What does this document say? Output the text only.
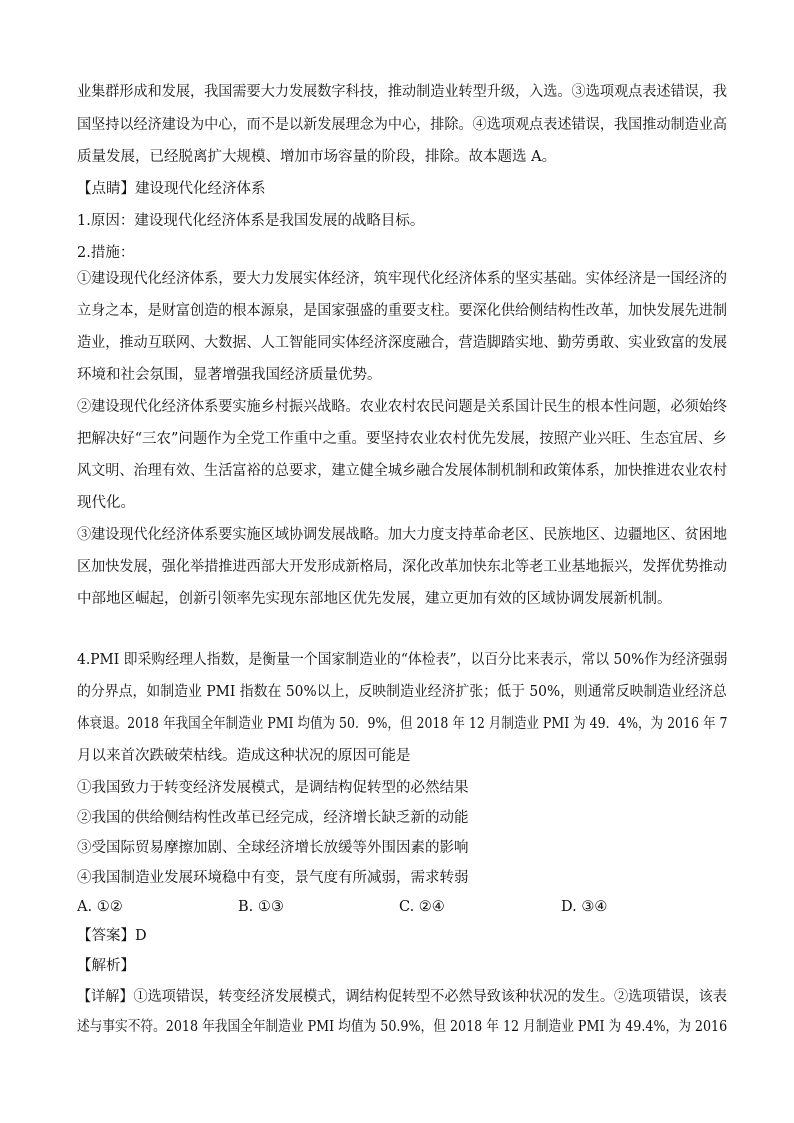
业集群形成和发展，我国需要大力发展数字科技，推动制造业转型升级，入选。③选项观点表述错误，我
国坚持以经济建设为中心，而不是以新发展理念为中心，排除。④选项观点表述错误，我国推动制造业高
质量发展，已经脱离扩大规模、增加市场容量的阶段，排除。故本题选 A。
【点睛】建设现代化经济体系
1.原因：建设现代化经济体系是我国发展的战略目标。
2.措施：
①建设现代化经济体系，要大力发展实体经济，筑牢现代化经济体系的坚实基础。实体经济是一国经济的
立身之本，是财富创造的根本源泉，是国家强盛的重要支柱。要深化供给侧结构性改革，加快发展先进制
造业，推动互联网、大数据、人工智能同实体经济深度融合，营造脚踏实地、勤劳勇敢、实业致富的发展
环境和社会氛围，显著增强我国经济质量优势。
②建设现代化经济体系要实施乡村振兴战略。农业农村农民问题是关系国计民生的根本性问题，必须始终
把解决好“三农”问题作为全党工作重中之重。要坚持农业农村优先发展，按照产业兴旺、生态宜居、乡
风文明、治理有效、生活富裕的总要求，建立健全城乡融合发展体制机制和政策体系，加快推进农业农村
现代化。
③建设现代化经济体系要实施区域协调发展战略。加大力度支持革命老区、民族地区、边疆地区、贫困地
区加快发展，强化举措推进西部大开发形成新格局，深化改革加快东北等老工业基地振兴，发挥优势推动
中部地区崛起，创新引领率先实现东部地区优先发展，建立更加有效的区域协调发展新机制。
4.PMI 即采购经理人指数，是衡量一个国家制造业的“体检表”，以百分比来表示，常以 50%作为经济强弱
的分界点，如制造业 PMI 指数在 50%以上，反映制造业经济扩张；低于 50%，则通常反映制造业经济总
体衰退。2018 年我国全年制造业 PMI 均值为 50．9%，但 2018 年 12 月制造业 PMI 为 49．4%，为 2016 年 7
月以来首次跌破荣枯线。造成这种状况的原因可能是
①我国致力于转变经济发展模式，是调结构促转型的必然结果
②我国的供给侧结构性改革已经完成，经济增长缺乏新的动能
③受国际贸易摩擦加剧、全球经济增长放缓等外围因素的影响
④我国制造业发展环境稳中有变，景气度有所减弱，需求转弱
A. ①②	B. ①③	C. ②④	D. ③④
【答案】D
【解析】
【详解】①选项错误，转变经济发展模式，调结构促转型不必然导致该种状况的发生。②选项错误，该表
述与事实不符。2018 年我国全年制造业 PMI 均值为 50.9%，但 2018 年 12 月制造业 PMI 为 49.4%，为 2016
